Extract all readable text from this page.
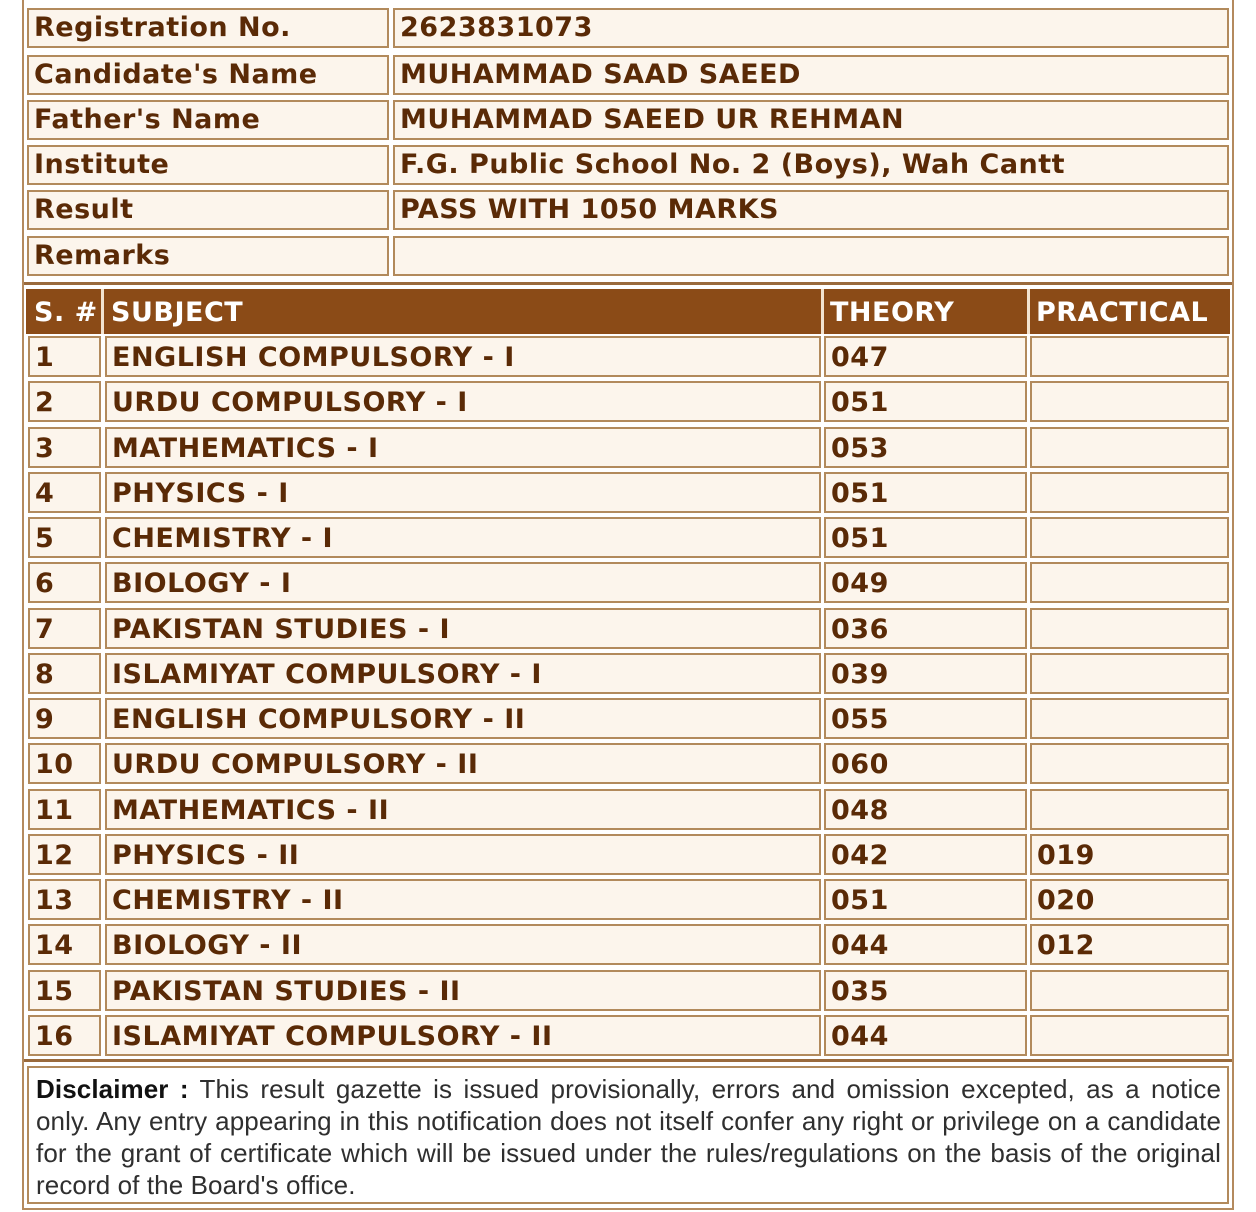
Registration No.	2623831073
Candidate's Name	MUHAMMAD SAAD SAEED
Father's Name	MUHAMMAD SAEED UR REHMAN
Institute	F.G. Public School No. 2 (Boys), Wah Cantt
Result	PASS WITH 1050 MARKS
Remarks
S. # SUBJECT	THEORY	PRACTICAL
1	ENGLISH COMPULSORY - I	047
2	URDU COMPULSORY - I	051
3	MATHEMATICS - I	053
4	PHYSICS - I	051
5	CHEMISTRY - I	051
6	BIOLOGY - I	049
7	PAKISTAN STUDIES - I	036
8	ISLAMIYAT COMPULSORY - I	039
9	ENGLISH COMPULSORY - II	055
10	URDU COMPULSORY - II	060
11	MATHEMATICS - II	048
12	PHYSICS - II	042	019
13	CHEMISTRY - II	051	020
14	BIOLOGY - II	044	012
15	PAKISTAN STUDIES - II	035
16	ISLAMIYAT COMPULSORY - II	044
Disclaimer : This result gazette is issued provisionally, errors and omission excepted, as a notice only. Any entry appearing in this notification does not itself confer any right or privilege on a candidate for the grant of certificate which will be issued under the rules/regulations on the basis of the original record of the Board's office.
